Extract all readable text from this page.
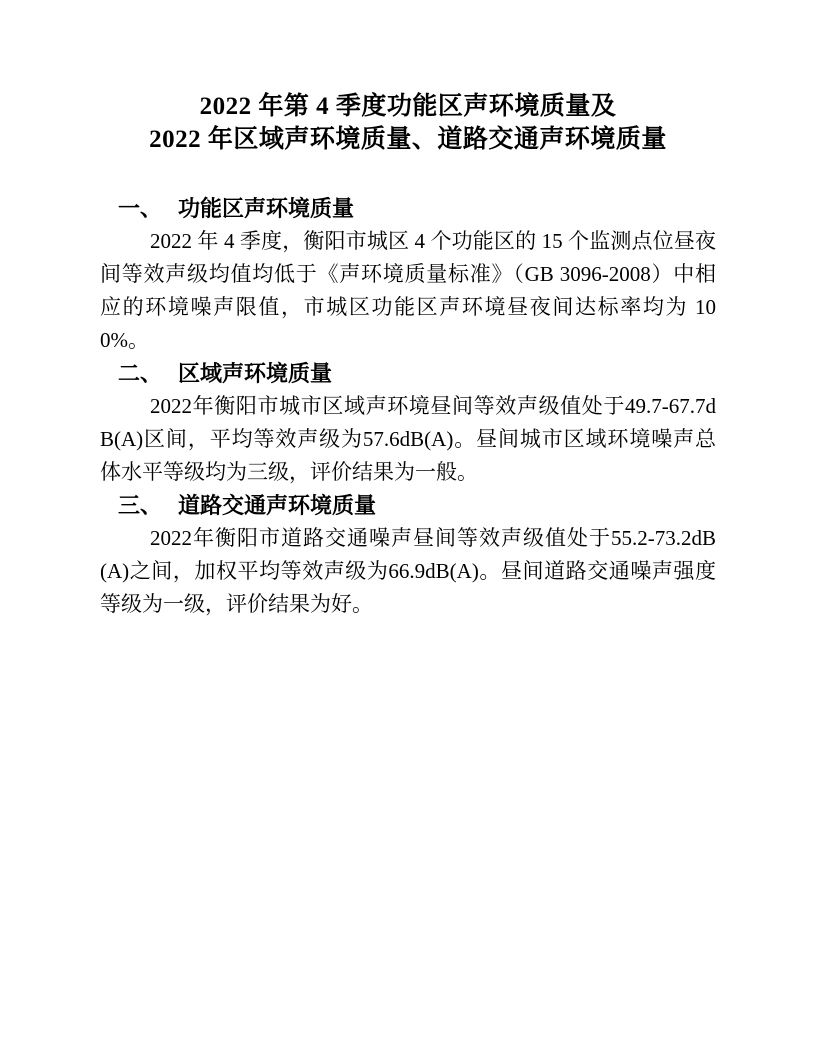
2022 年第 4 季度功能区声环境质量及
2022 年区域声环境质量、道路交通声环境质量
一、 功能区声环境质量

2022 年 4 季度，衡阳市城区 4 个功能区的 15 个监测点位昼夜间等效声级均值均低于《声环境质量标准》（GB 3096-2008）中相应的环境噪声限值，市城区功能区声环境昼夜间达标率均为 100%。

二、 区域声环境质量

2022年衡阳市城市区域声环境昼间等效声级值处于49.7-67.7dB(A)区间，平均等效声级为57.6dB(A)。昼间城市区域环境噪声总体水平等级均为三级，评价结果为一般。

三、 道路交通声环境质量

2022年衡阳市道路交通噪声昼间等效声级值处于55.2-73.2dB(A)之间，加权平均等效声级为66.9dB(A)。昼间道路交通噪声强度等级为一级，评价结果为好。
